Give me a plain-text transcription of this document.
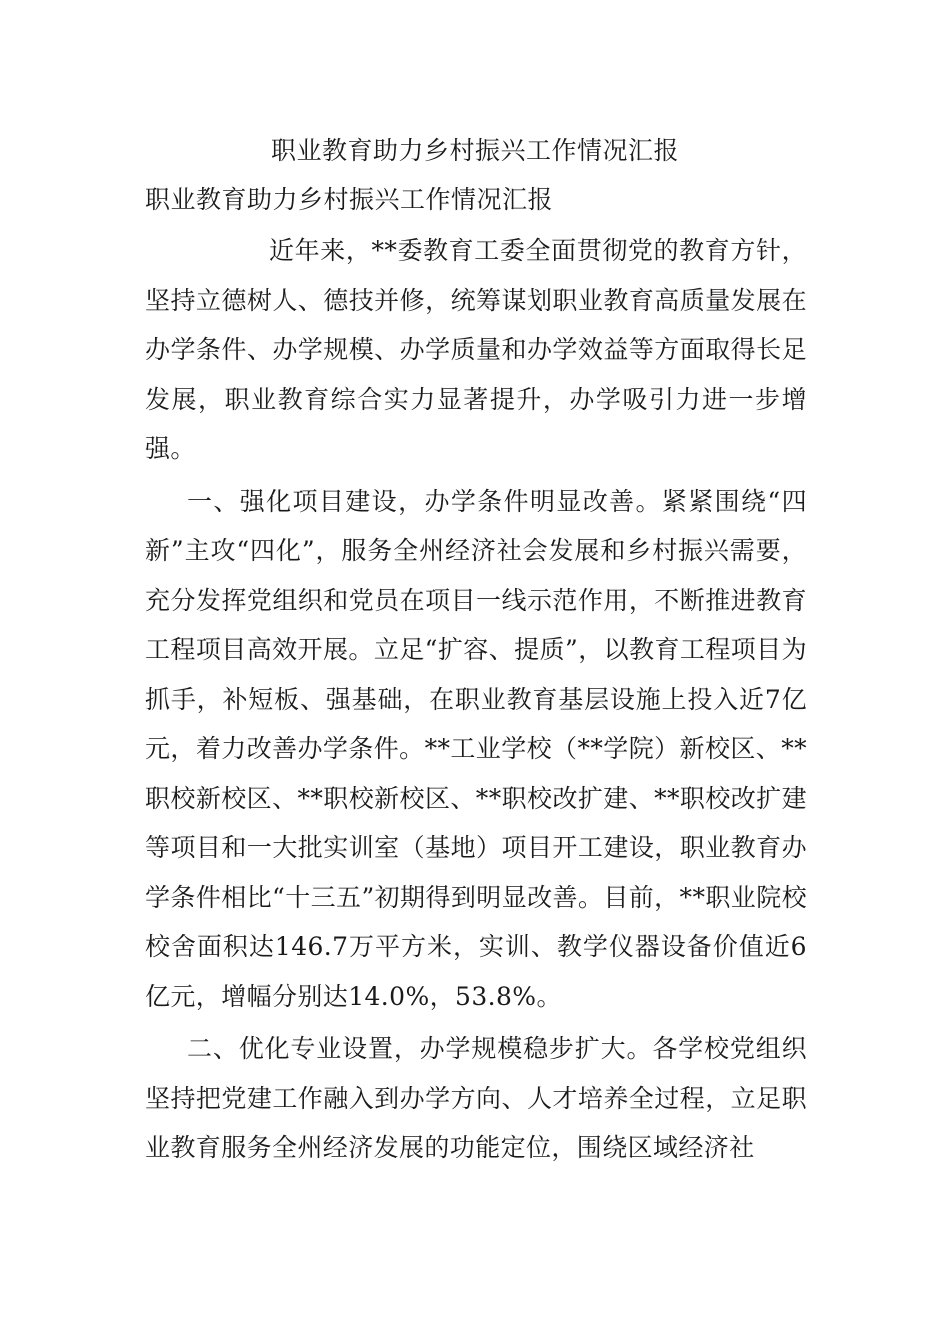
职业教育助力乡村振兴工作情况汇报
职业教育助力乡村振兴工作情况汇报

近年来，**委教育工委全面贯彻党的教育方针，坚持立德树人、德技并修，统筹谋划职业教育高质量发展在办学条件、办学规模、办学质量和办学效益等方面取得长足发展，职业教育综合实力显著提升，办学吸引力进一步增强。

一、强化项目建设，办学条件明显改善。紧紧围绕“四新”主攻“四化”，服务全州经济社会发展和乡村振兴需要，充分发挥党组织和党员在项目一线示范作用，不断推进教育工程项目高效开展。立足“扩容、提质”，以教育工程项目为抓手，补短板、强基础，在职业教育基层设施上投入近7亿元，着力改善办学条件。**工业学校（**学院）新校区、**职校新校区、**职校新校区、**职校改扩建、**职校改扩建等项目和一大批实训室（基地）项目开工建设，职业教育办学条件相比“十三五”初期得到明显改善。目前，**职业院校校舍面积达146.7万平方米，实训、教学仪器设备价值近6亿元，增幅分别达14.0%，53.8%。

二、优化专业设置，办学规模稳步扩大。各学校党组织坚持把党建工作融入到办学方向、人才培养全过程，立足职业教育服务全州经济发展的功能定位，围绕区域经济社
